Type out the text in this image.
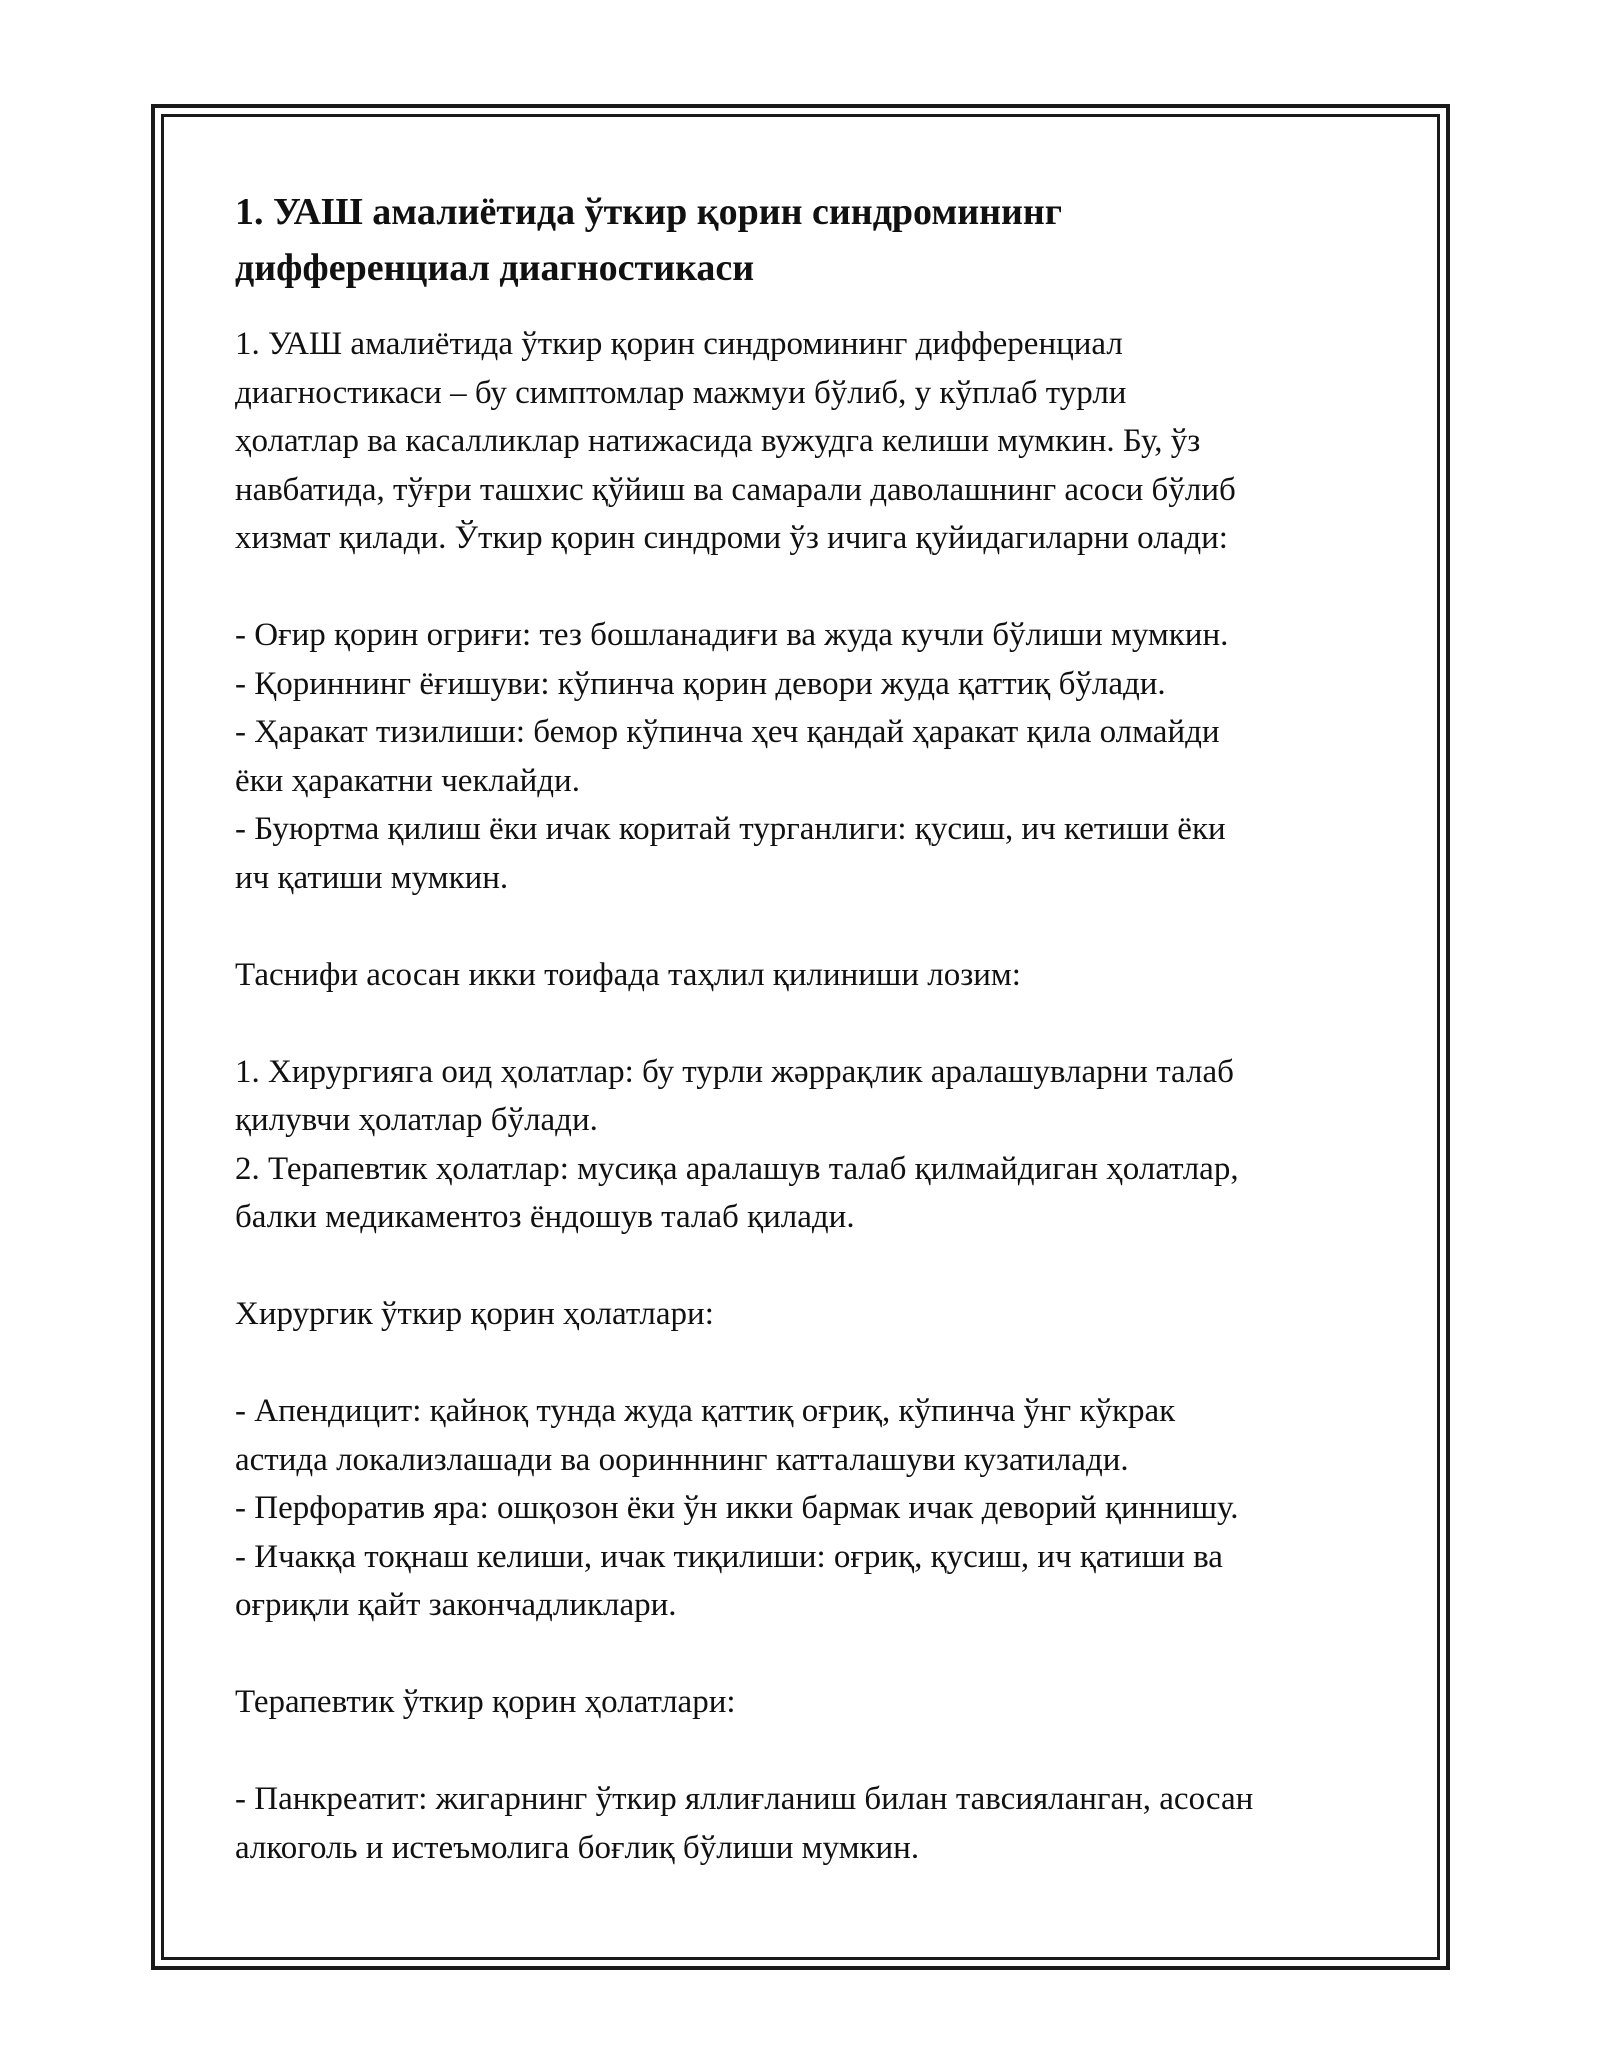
1. УАШ амалиётида ўткир қорин синдромининг
дифференциал диагностикаси

1. УАШ амалиётида ўткир қорин синдромининг дифференциал
диагностикаси – бу симптомлар мажмуи бўлиб, у кўплаб турли
ҳолатлар ва касалликлар натижасида вужудга келиши мумкин. Бу, ўз
навбатида, тўғри ташхис қўйиш ва самарали даволашнинг асоси бўлиб
хизмат қилади. Ўткир қорин синдроми ўз ичига қуйидагиларни олади:

- Оғир қорин огриғи: тез бошланадиғи ва жуда кучли бўлиши мумкин.
- Қориннинг ёғишуви: кўпинча қорин девори жуда қаттиқ бўлади.
- Ҳаракат тизилиши: бемор кўпинча ҳеч қандай ҳаракат қила олмайди
ёки ҳаракатни чеклайди.
- Буюртма қилиш ёки ичак коритай турганлиги: қусиш, ич кетиши ёки
ич қатиши мумкин.

Таснифи асосан икки тоифада таҳлил қилиниши лозим:

1. Хирургияга оид ҳолатлар: бу турли жәррақлик аралашувларни талаб
қилувчи ҳолатлар бўлади.
2. Терапевтик ҳолатлар: мусиқа аралашув талаб қилмайдиган ҳолатлар,
балки медикаментоз ёндошув талаб қилади.

Хирургик ўткир қорин ҳолатлари:

- Апендицит: қайноқ тунда жуда қаттиқ оғриқ, кўпинча ўнг кўкрак
астида локализлашади ва ооринннинг катталашуви кузатилади.
- Перфоратив яра: ошқозон ёки ўн икки бармак ичак деворий қиннишу.
- Ичакқа тоқнаш келиши, ичак тиқилиши: оғриқ, қусиш, ич қатиши ва
оғриқли қайт закончадликлари.

Терапевтик ўткир қорин ҳолатлари:

- Панкреатит: жигарнинг ўткир яллиғланиш билан тавсияланган, асосан
алкоголь и истеъмолига боғлиқ бўлиши мумкин.
